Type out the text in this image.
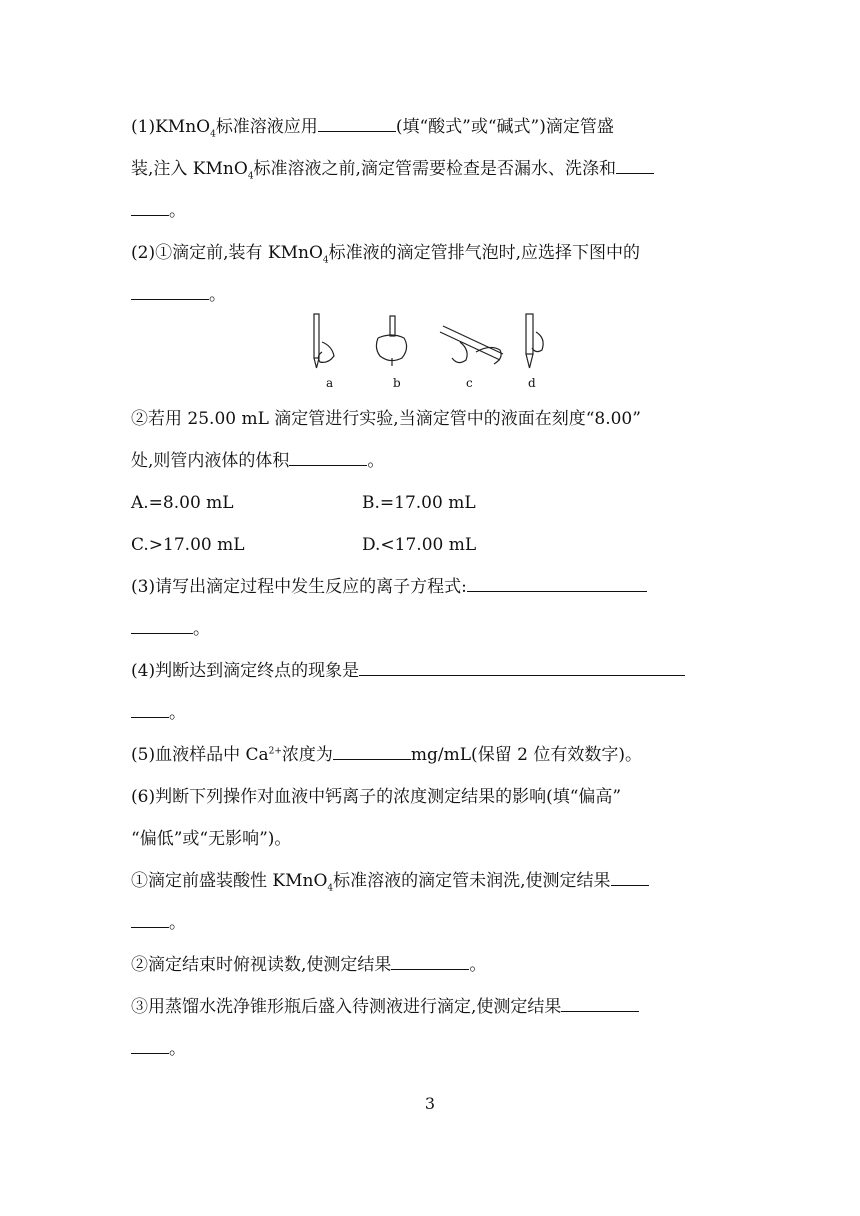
(1)KMnO$_4$标准溶液应用	(填“酸式”或“碱式”)滴定管盛
装,注入 KMnO$_4$标准溶液之前,滴定管需要检查是否漏水、洗涤和
。
(2)①滴定前,装有 KMnO$_4$标准液的滴定管排气泡时,应选择下图中的
。
a	b	c	d
②若用 25.00 mL 滴定管进行实验,当滴定管中的液面在刻度“8.00”
处,则管内液体的体积	。
A.=8.00 mL	B.=17.00 mL
C.>17.00 mL	D.<17.00 mL
(3)请写出滴定过程中发生反应的离子方程式:
。
(4)判断达到滴定终点的现象是
。
(5)血液样品中 $Ca^{2+}$浓度为	mg/mL(保留 2 位有效数字)。
(6)判断下列操作对血液中钙离子的浓度测定结果的影响(填“偏高”
“偏低”或“无影响”)。
①滴定前盛装酸性 KMnO$_4$标准溶液的滴定管未润洗,使测定结果
。
②滴定结束时俯视读数,使测定结果	。
③用蒸馏水洗净锥形瓶后盛入待测液进行滴定,使测定结果
。
3
